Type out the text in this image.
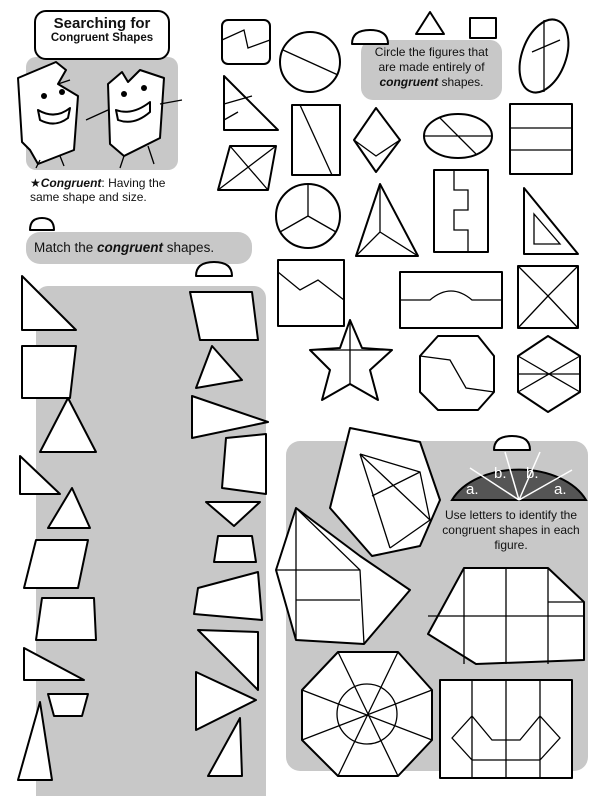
Searching for
Congruent Shapes
★Congruent: Having the same shape and size.
Match the congruent shapes.
Circle the figures that
are made entirely of
congruent shapes.
Use letters to identify the congruent shapes in each figure.
a.
b. b.
a.
